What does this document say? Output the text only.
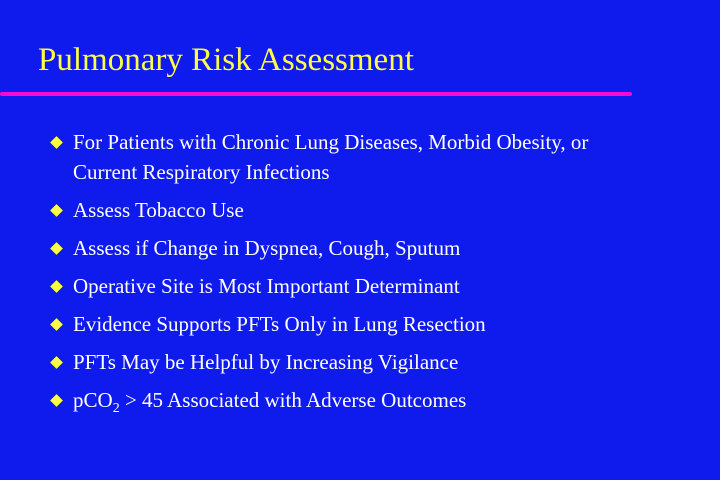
Pulmonary Risk Assessment
For Patients with Chronic Lung Diseases, Morbid Obesity, or Current Respiratory Infections
Assess Tobacco Use
Assess if Change in Dyspnea, Cough, Sputum
Operative Site is Most Important Determinant
Evidence Supports PFTs Only in Lung Resection
PFTs May be Helpful by Increasing Vigilance
pCO$_2$ > 45 Associated with Adverse Outcomes
